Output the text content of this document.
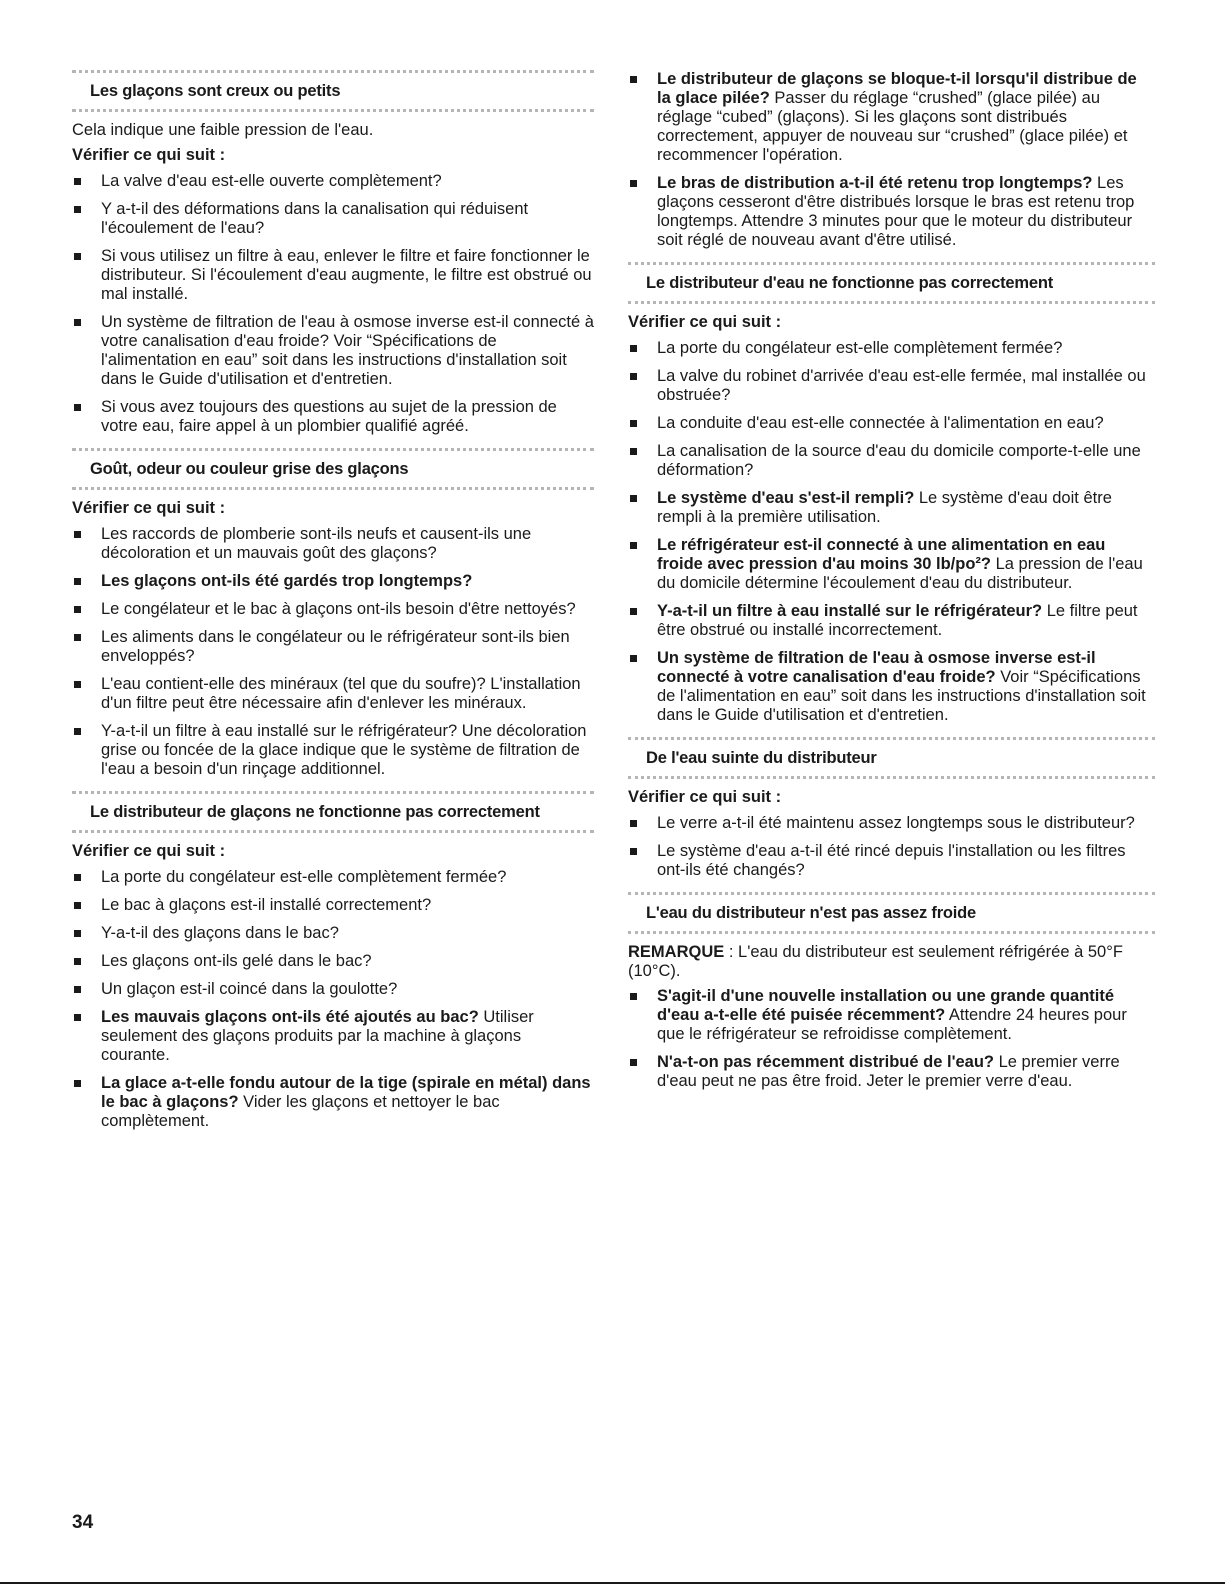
Les glaçons sont creux ou petits

Cela indique une faible pression de l'eau.

Vérifier ce qui suit :

La valve d'eau est-elle ouverte complètement?
Y a-t-il des déformations dans la canalisation qui réduisent l'écoulement de l'eau?
Si vous utilisez un filtre à eau, enlever le filtre et faire fonctionner le distributeur. Si l'écoulement d'eau augmente, le filtre est obstrué ou mal installé.
Un système de filtration de l'eau à osmose inverse est-il connecté à votre canalisation d'eau froide? Voir “Spécifications de l'alimentation en eau” soit dans les instructions d'installation soit dans le Guide d'utilisation et d'entretien.
Si vous avez toujours des questions au sujet de la pression de votre eau, faire appel à un plombier qualifié agréé.
Goût, odeur ou couleur grise des glaçons

Vérifier ce qui suit :

Les raccords de plomberie sont-ils neufs et causent-ils une décoloration et un mauvais goût des glaçons?
Les glaçons ont-ils été gardés trop longtemps?
Le congélateur et le bac à glaçons ont-ils besoin d'être nettoyés?
Les aliments dans le congélateur ou le réfrigérateur sont-ils bien enveloppés?
L'eau contient-elle des minéraux (tel que du soufre)? L'installation d'un filtre peut être nécessaire afin d'enlever les minéraux.
Y-a-t-il un filtre à eau installé sur le réfrigérateur? Une décoloration grise ou foncée de la glace indique que le système de filtration de l'eau a besoin d'un rinçage additionnel.
Le distributeur de glaçons ne fonctionne pas correctement

Vérifier ce qui suit :

La porte du congélateur est-elle complètement fermée?
Le bac à glaçons est-il installé correctement?
Y-a-t-il des glaçons dans le bac?
Les glaçons ont-ils gelé dans le bac?
Un glaçon est-il coincé dans la goulotte?
Les mauvais glaçons ont-ils été ajoutés au bac? Utiliser seulement des glaçons produits par la machine à glaçons courante.
La glace a-t-elle fondu autour de la tige (spirale en métal) dans le bac à glaçons? Vider les glaçons et nettoyer le bac complètement.
Le distributeur de glaçons se bloque-t-il lorsqu'il distribue de la glace pilée? Passer du réglage “crushed” (glace pilée) au réglage “cubed” (glaçons). Si les glaçons sont distribués correctement, appuyer de nouveau sur “crushed” (glace pilée) et recommencer l'opération.
Le bras de distribution a-t-il été retenu trop longtemps? Les glaçons cesseront d'être distribués lorsque le bras est retenu trop longtemps. Attendre 3 minutes pour que le moteur du distributeur soit réglé de nouveau avant d'être utilisé.
Le distributeur d'eau ne fonctionne pas correctement

Vérifier ce qui suit :

La porte du congélateur est-elle complètement fermée?
La valve du robinet d'arrivée d'eau est-elle fermée, mal installée ou obstruée?
La conduite d'eau est-elle connectée à l'alimentation en eau?
La canalisation de la source d'eau du domicile comporte-t-elle une déformation?
Le système d'eau s'est-il rempli? Le système d'eau doit être rempli à la première utilisation.
Le réfrigérateur est-il connecté à une alimentation en eau froide avec pression d'au moins 30 lb/po²? La pression de l'eau du domicile détermine l'écoulement d'eau du distributeur.
Y-a-t-il un filtre à eau installé sur le réfrigérateur? Le filtre peut être obstrué ou installé incorrectement.
Un système de filtration de l'eau à osmose inverse est-il connecté à votre canalisation d'eau froide? Voir “Spécifications de l'alimentation en eau” soit dans les instructions d'installation soit dans le Guide d'utilisation et d'entretien.
De l'eau suinte du distributeur

Vérifier ce qui suit :

Le verre a-t-il été maintenu assez longtemps sous le distributeur?
Le système d'eau a-t-il été rincé depuis l'installation ou les filtres ont-ils été changés?
L'eau du distributeur n'est pas assez froide

REMARQUE : L'eau du distributeur est seulement réfrigérée à 50°F (10°C).

S'agit-il d'une nouvelle installation ou une grande quantité d'eau a-t-elle été puisée récemment? Attendre 24 heures pour que le réfrigérateur se refroidisse complètement.
N'a-t-on pas récemment distribué de l'eau? Le premier verre d'eau peut ne pas être froid. Jeter le premier verre d'eau.
34
